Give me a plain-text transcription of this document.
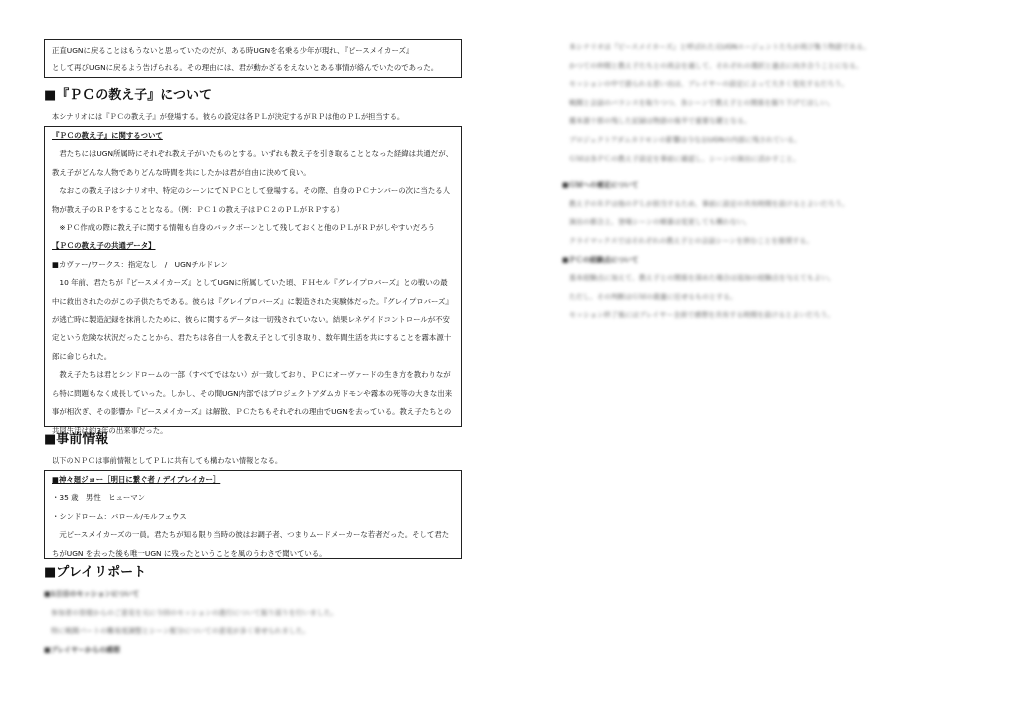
正直UGNに戻ることはもうないと思っていたのだが、ある時UGNを名乗る少年が現れ、『ピースメイカーズ』
として再びUGNに戻るよう告げられる。その理由には、君が動かざるをえないとある事情が絡んでいたのであった。
■『ＰＣの教え子』について

本シナリオには『ＰＣの教え子』が登場する。彼らの設定は各ＰＬが決定するがＲＰは他のＰＬが担当する。

『ＰＣの教え子』に関するついて

君たちにはUGN所属時にそれぞれ教え子がいたものとする。いずれも教え子を引き取ることとなった経緯は共通だが、教え子がどんな人物でありどんな時間を共にしたかは君が自由に決めて良い。

なおこの教え子はシナリオ中、特定のシーンにてＮＰＣとして登場する。その際、自身のＰＣナンバーの次に当たる人物が教え子のＲＰをすることとなる。（例：ＰＣ１の教え子はＰＣ２のＰＬがＲＰする）

※ＰＣ作成の際に教え子に関する情報も自身のバックボーンとして残しておくと他のＰＬがＲＰがしやすいだろう

【ＰＣの教え子の共通データ】
■カヴァー/ワークス：指定なし　/　UGNチルドレン

10 年前、君たちが『ピースメイカーズ』としてUGNに所属していた頃、ＦＨセル『グレイプロバーズ』との戦いの最中に救出されたのがこの子供たちである。彼らは『グレイプロバーズ』に製造された実験体だった。『グレイプロバーズ』が逃亡時に製造記録を抹消したために、彼らに関するデータは一切残されていない。結果レネゲイドコントロールが不安定という危険な状況だったことから、君たちは各自一人を教え子として引き取り、数年間生活を共にすることを霧本源十郎に命じられた。

教え子たちは君とシンドロームの一部（すべてではない）が一致しており、ＰＣにオーヴァードの生き方を教わりながら特に問題もなく成長していった。しかし、その間UGN内部ではプロジェクトアダムカドモンや霧本の死等の大きな出来事が相次ぎ、その影響か『ピースメイカーズ』は解散、ＰＣたちもそれぞれの理由でUGNを去っている。教え子たちとの共同生活は約3年の出来事だった。

■事前情報

以下のＮＰＣは事前情報としてＰＬに共有しても構わない情報となる。

■神々廻ジョー［明日に繋ぐ者 / デイブレイカー］
・35 歳　男性　ヒューマン
・シンドローム：バロール/モルフェウス

元ピースメイカーズの一員。君たちが知る限り当時の彼はお調子者、つまりムードメーカーな若者だった。そして君たちがUGN を去った後も唯一UGN に残ったということを風のうわさで聞いている。

■プレイリポート

■1日目のセッションについて

参加者の皆様からのご意見を元に今回のセッションの進行について振り返りを行いました。

特に戦闘パートの難易度調整とシーン配分についての意見が多く寄せられました。

■プレイヤーからの感想

本シナリオは『ピースメイカーズ』と呼ばれた元UGNエージェントたちが再び集う物語である。

かつての仲間と教え子たちとの再会を通して、それぞれの選択と過去に向き合うことになる。

セッションの中で語られる思い出は、プレイヤーの設定によって大きく変化するだろう。

戦闘と会話のバランスを取りつつ、各シーンで教え子との関係を掘り下げてほしい。

霧本源十郎の残した記録は物語の後半で重要な鍵となる。

プロジェクトアダムカドモンの影響は今なおUGNの内部に残されている。

ＧＭは各ＰＣの教え子設定を事前に確認し、シーンの演出に活かすこと。

■ＧＭへの補足について

教え子のＲＰは他のＰＬが担当するため、事前に設定の共有時間を設けるとよいだろう。

演出の都合上、登場シーンの順番は変更しても構わない。

クライマックスではそれぞれの教え子との会話シーンを挟むことを推奨する。

■ＰＣの経験点について

基本経験点に加えて、教え子との関係を深めた場合は追加の経験点を与えてもよい。

ただし、その判断はＧＭの裁量に任せるものとする。

セッション終了後にはプレイヤー全員で感想を共有する時間を設けるとよいだろう。
